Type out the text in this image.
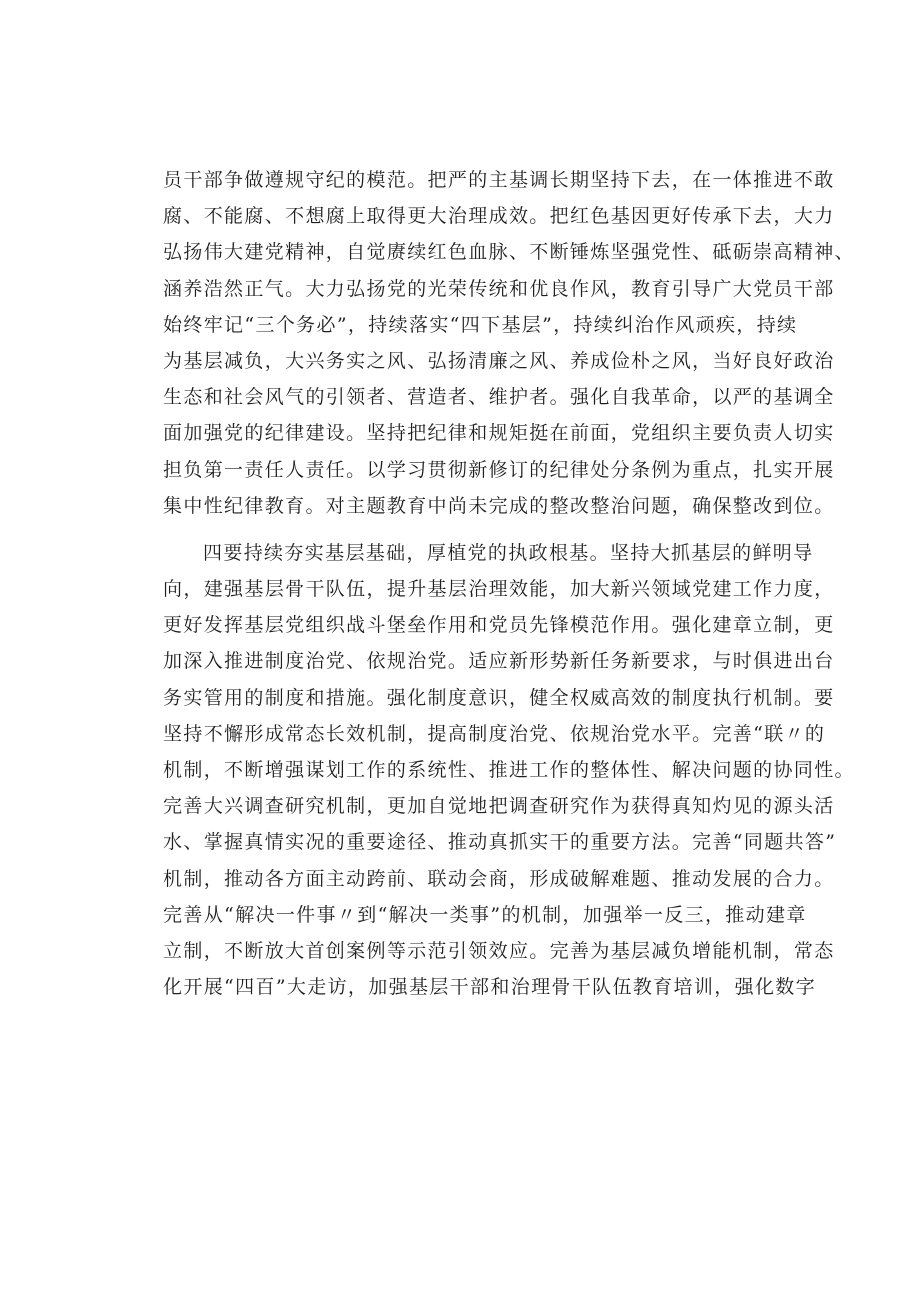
员干部争做遵规守纪的模范。把严的主基调长期坚持下去，在一体推进不敢
腐、不能腐、不想腐上取得更大治理成效。把红色基因更好传承下去，大力
弘扬伟大建党精神，自觉赓续红色血脉、不断锤炼坚强党性、砥砺崇高精神、
涵养浩然正气。大力弘扬党的光荣传统和优良作风，教育引导广大党员干部
始终牢记“三个务必”，持续落实“四下基层”，持续纠治作风顽疾，持续
为基层减负，大兴务实之风、弘扬清廉之风、养成俭朴之风，当好良好政治
生态和社会风气的引领者、营造者、维护者。强化自我革命，以严的基调全
面加强党的纪律建设。坚持把纪律和规矩挺在前面，党组织主要负责人切实
担负第一责任人责任。以学习贯彻新修订的纪律处分条例为重点，扎实开展
集中性纪律教育。对主题教育中尚未完成的整改整治问题，确保整改到位。
四要持续夯实基层基础，厚植党的执政根基。坚持大抓基层的鲜明导
向，建强基层骨干队伍，提升基层治理效能，加大新兴领域党建工作力度，
更好发挥基层党组织战斗堡垒作用和党员先锋模范作用。强化建章立制，更
加深入推进制度治党、依规治党。适应新形势新任务新要求，与时俱进出台
务实管用的制度和措施。强化制度意识，健全权威高效的制度执行机制。要
坚持不懈形成常态长效机制，提高制度治党、依规治党水平。完善“联〃的
机制，不断增强谋划工作的系统性、推进工作的整体性、解决问题的协同性。
完善大兴调查研究机制，更加自觉地把调查研究作为获得真知灼见的源头活
水、掌握真情实况的重要途径、推动真抓实干的重要方法。完善“同题共答”
机制，推动各方面主动跨前、联动会商，形成破解难题、推动发展的合力。
完善从“解决一件事〃到“解决一类事”的机制，加强举一反三，推动建章
立制，不断放大首创案例等示范引领效应。完善为基层减负增能机制，常态
化开展“四百”大走访，加强基层干部和治理骨干队伍教育培训，强化数字
